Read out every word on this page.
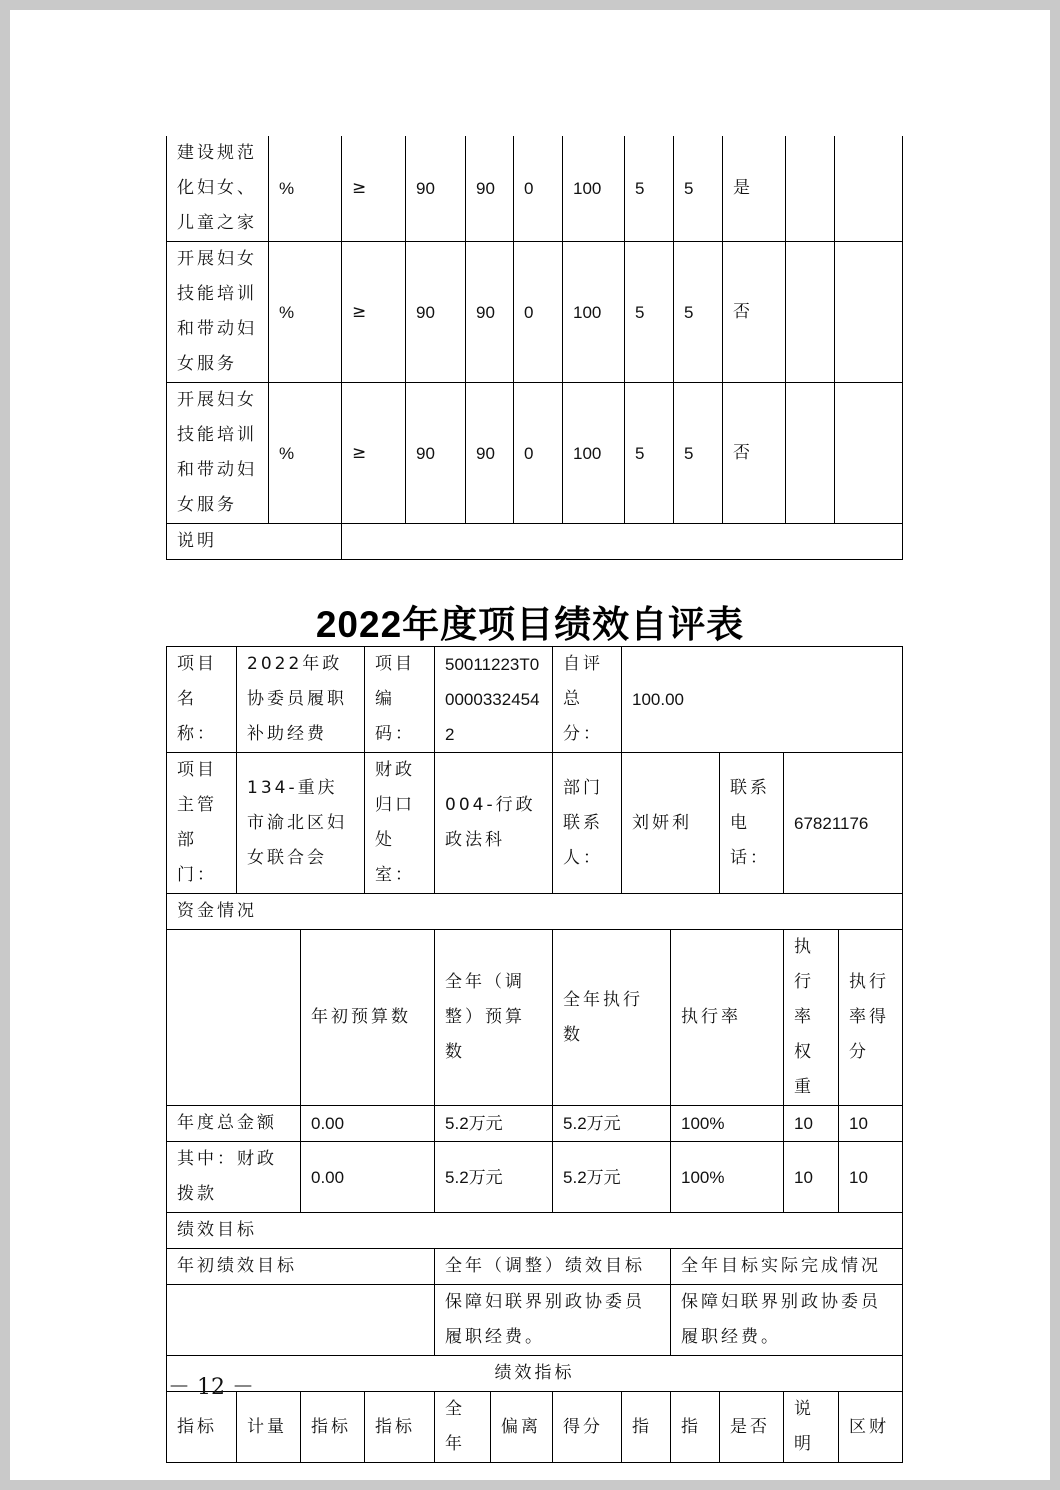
建设规范化妇女、儿童之家	%	≥	90	90	0	100	5	5	是		
开展妇女技能培训和带动妇女服务	%	≥	90	90	0	100	5	5	否		
开展妇女技能培训和带动妇女服务	%	≥	90	90	0	100	5	5	否		
说明											
2022年度项目绩效自评表
项目名称：	2022年政协委员履职补助经费		项目编码：	50011223T00000332454 2		自评总分：	100.00				
项目主管部门：	134-重庆市渝北区妇女联合会		财政归口处室：	004-行政政法科		部门联系人：	刘妍利		联系电话：	67821176	
资金情况											
		年初预算数		全年（调整）预算数		全年执行数		执行率		执行率权重	执行率得分
年度总金额		0.00		5.2万元		5.2万元		100%		10	10
其中：财政拨款		0.00		5.2万元		5.2万元		100%		10	10
绩效目标											
年初绩效目标				全年（调整）绩效目标				全年目标实际完成情况			
				保障妇联界别政协委员履职经费。				保障妇联界别政协委员履职经费。			
绩效指标											
指标	计量	指标	指标	全年	偏离	得分	指	指	是否	说明	区财
－ 12 －
